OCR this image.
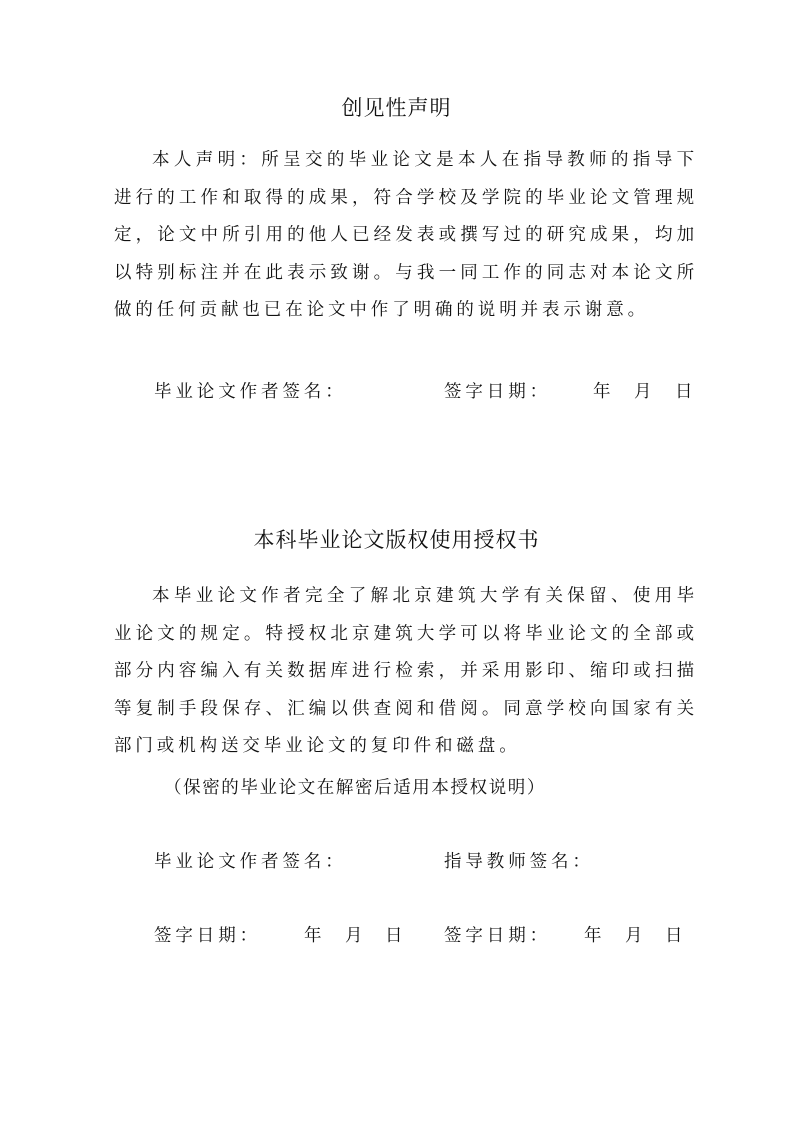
创见性声明

本人声明：所呈交的毕业论文是本人在指导教师的指导下进行的工作和取得的成果，符合学校及学院的毕业论文管理规定，论文中所引用的他人已经发表或撰写过的研究成果，均加以特别标注并在此表示致谢。与我一同工作的同志对本论文所做的任何贡献也已在论文中作了明确的说明并表示谢意。

毕业论文作者签名：	签字日期： 年 月 日
本科毕业论文版权使用授权书

本毕业论文作者完全了解北京建筑大学有关保留、使用毕业论文的规定。特授权北京建筑大学可以将毕业论文的全部或部分内容编入有关数据库进行检索，并采用影印、缩印或扫描等复制手段保存、汇编以供查阅和借阅。同意学校向国家有关部门或机构送交毕业论文的复印件和磁盘。

（保密的毕业论文在解密后适用本授权说明）
毕业论文作者签名：	指导教师签名：
签字日期： 年 月 日 签字日期： 年 月 日
